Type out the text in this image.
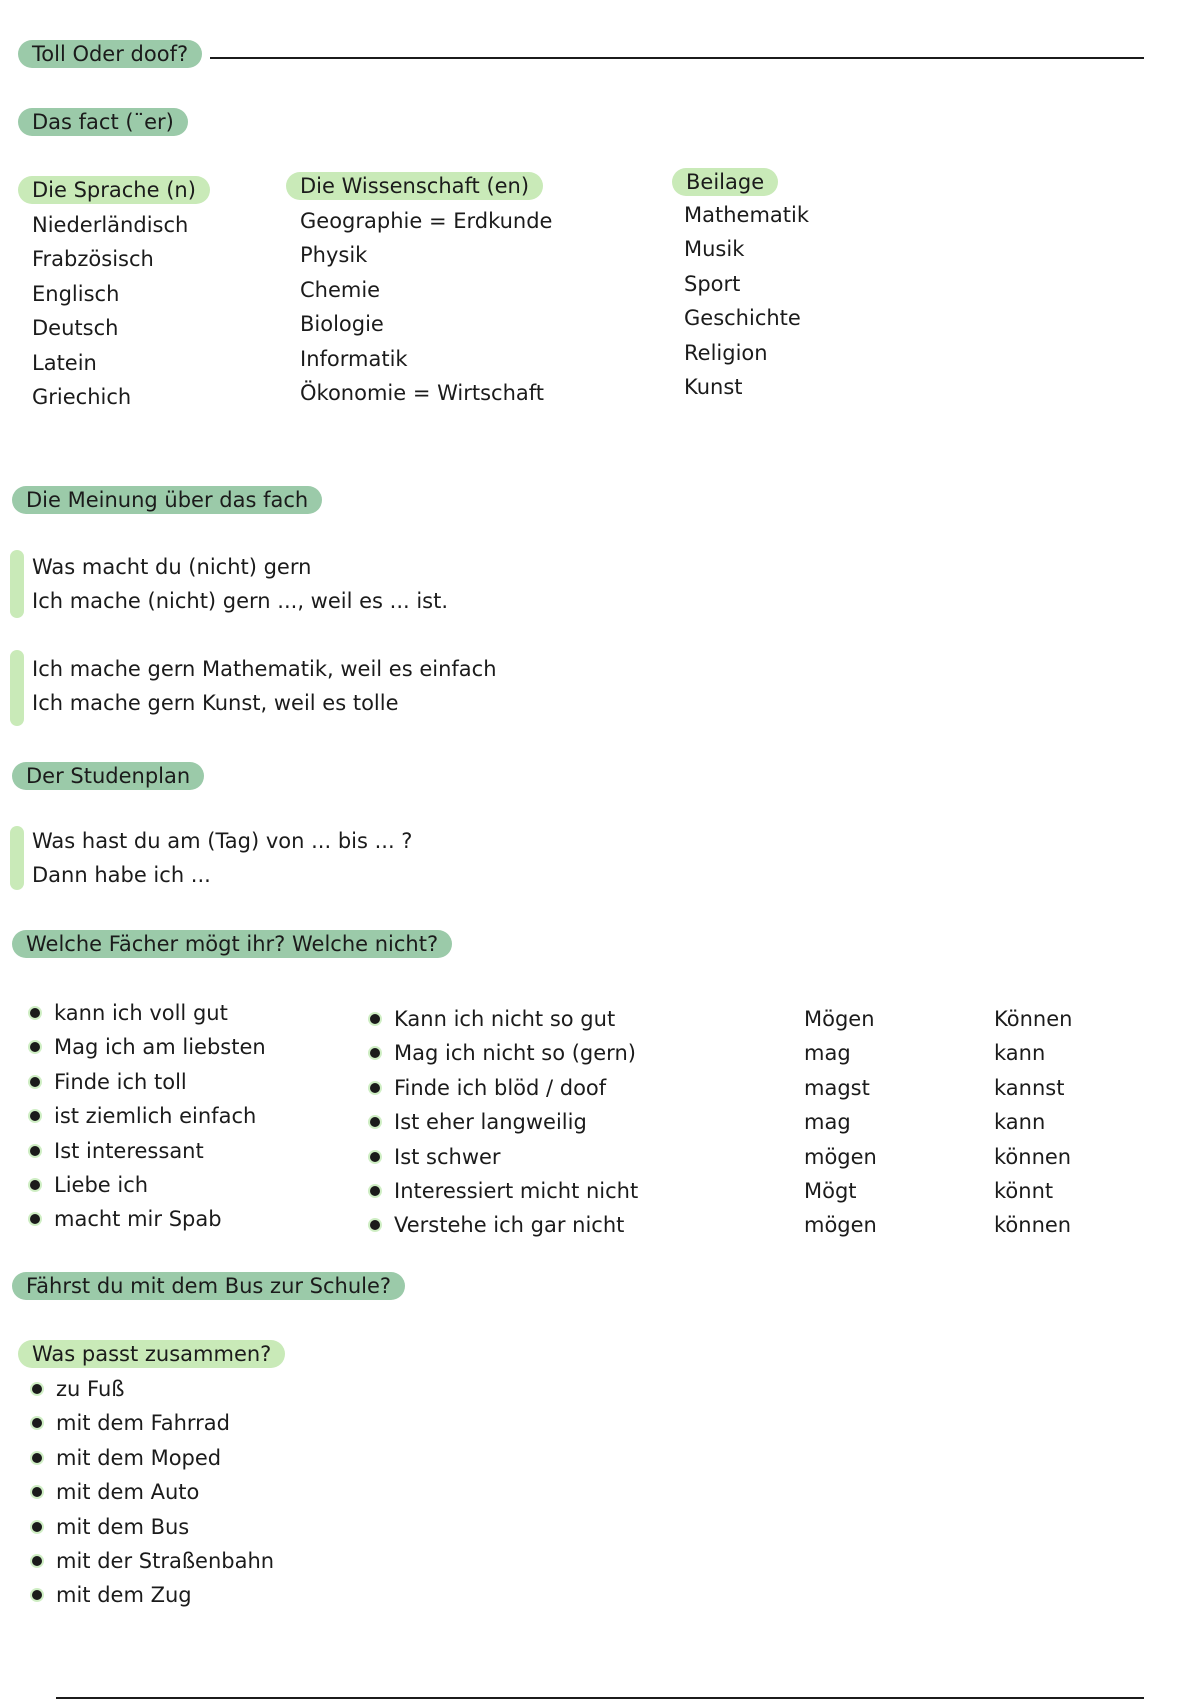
Toll Oder doof?
Das fact (¨er)
Die Sprache (n)
Niederländisch
Frabzösisch
Englisch
Deutsch
Latein
Griechich
Die Wissenschaft (en)
Geographie = Erdkunde
Physik
Chemie
Biologie
Informatik
Ökonomie = Wirtschaft
Beilage
Mathematik
Musik
Sport
Geschichte
Religion
Kunst
Die Meinung über das fach
Was macht du (nicht) gern
Ich mache (nicht) gern ..., weil es ... ist.
Ich mache gern Mathematik, weil es einfach
Ich mache gern Kunst, weil es tolle
Der Studenplan
Was hast du am (Tag) von ... bis ... ?
Dann habe ich ...
Welche Fächer mögt ihr? Welche nicht?
kann ich voll gut
Mag ich am liebsten
Finde ich toll
ist ziemlich einfach
Ist interessant
Liebe ich
macht mir Spab
Kann ich nicht so gut
Mag ich nicht so (gern)
Finde ich blöd / doof
Ist eher langweilig
Ist schwer
Interessiert micht nicht
Verstehe ich gar nicht
Mögen
mag
magst
mag
mögen
Mögt
mögen
Können
kann
kannst
kann
können
könnt
können
Fährst du mit dem Bus zur Schule?
Was passt zusammen?
zu Fuß
mit dem Fahrrad
mit dem Moped
mit dem Auto
mit dem Bus
mit der Straßenbahn
mit dem Zug
